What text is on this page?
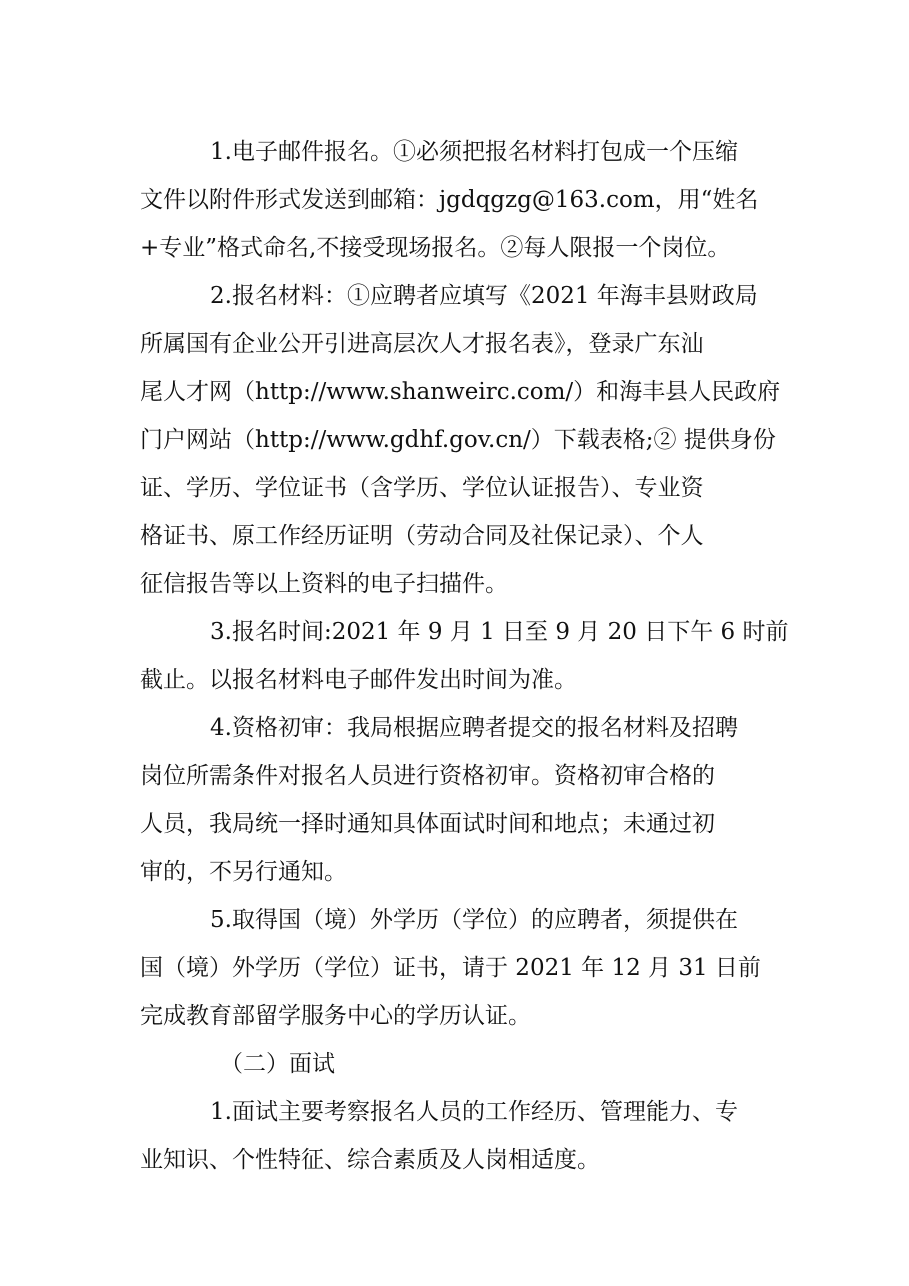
1.电子邮件报名。①必须把报名材料打包成一个压缩
文件以附件形式发送到邮箱：jgdqgzg@163.com，用“姓名
+专业”格式命名,不接受现场报名。②每人限报一个岗位。
2.报名材料：①应聘者应填写《2021 年海丰县财政局
所属国有企业公开引进高层次人才报名表》，登录广东汕
尾人才网（http://www.shanweirc.com/）和海丰县人民政府
门户网站（http://www.gdhf.gov.cn/）下载表格;② 提供身份
证、学历、学位证书（含学历、学位认证报告）、专业资
格证书、原工作经历证明（劳动合同及社保记录）、个人
征信报告等以上资料的电子扫描件。
3.报名时间:2021 年 9 月 1 日至 9 月 20 日下午 6 时前
截止。以报名材料电子邮件发出时间为准。
4.资格初审：我局根据应聘者提交的报名材料及招聘
岗位所需条件对报名人员进行资格初审。资格初审合格的
人员，我局统一择时通知具体面试时间和地点；未通过初
审的，不另行通知。
5.取得国（境）外学历（学位）的应聘者，须提供在
国（境）外学历（学位）证书，请于 2021 年 12 月 31 日前
完成教育部留学服务中心的学历认证。
（二）面试
1.面试主要考察报名人员的工作经历、管理能力、专
业知识、个性特征、综合素质及人岗相适度。
